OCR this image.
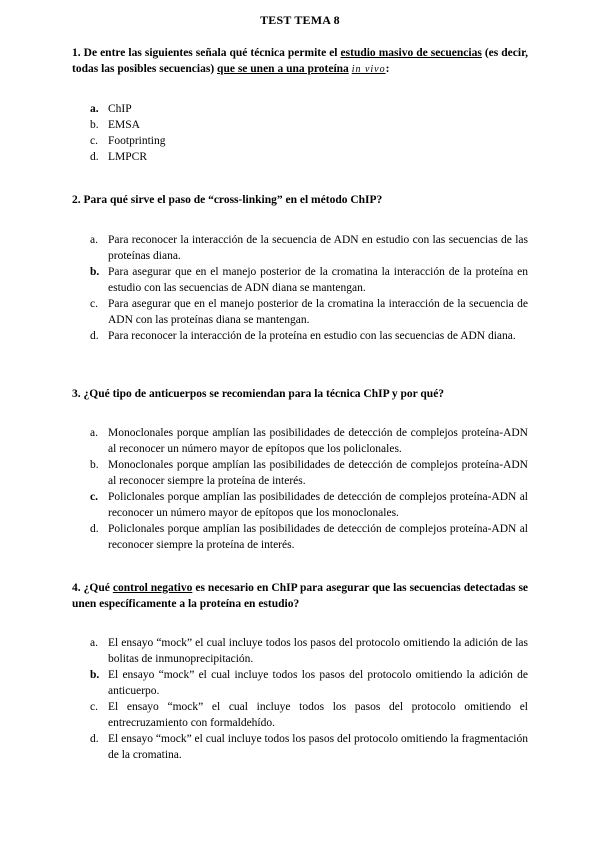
TEST TEMA 8
1. De entre las siguientes señala qué técnica permite el estudio masivo de secuencias (es decir, todas las posibles secuencias) que se unen a una proteína in vivo:
a. ChIP
b. EMSA
c. Footprinting
d. LMPCR
2. Para qué sirve el paso de “cross-linking” en el método ChIP?
a. Para reconocer la interacción de la secuencia de ADN en estudio con las secuencias de las proteínas diana.
b. Para asegurar que en el manejo posterior de la cromatina la interacción de la proteína en estudio con las secuencias de ADN diana se mantengan.
c. Para asegurar que en el manejo posterior de la cromatina la interacción de la secuencia de ADN con las proteínas diana se mantengan.
d. Para reconocer la interacción de la proteína en estudio con las secuencias de ADN diana.
3. ¿Qué tipo de anticuerpos se recomiendan para la técnica ChIP y por qué?
a. Monoclonales porque amplían las posibilidades de detección de complejos proteína-ADN al reconocer un número mayor de epítopos que los policlonales.
b. Monoclonales porque amplían las posibilidades de detección de complejos proteína-ADN al reconocer siempre la proteína de interés.
c. Policlonales porque amplían las posibilidades de detección de complejos proteína-ADN al reconocer un número mayor de epítopos que los monoclonales.
d. Policlonales porque amplían las posibilidades de detección de complejos proteína-ADN al reconocer siempre la proteína de interés.
4. ¿Qué control negativo es necesario en ChIP para asegurar que las secuencias detectadas se unen específicamente a la proteína en estudio?
a. El ensayo “mock” el cual incluye todos los pasos del protocolo omitiendo la adición de las bolitas de inmunoprecipitación.
b. El ensayo “mock” el cual incluye todos los pasos del protocolo omitiendo la adición de anticuerpo.
c. El ensayo “mock” el cual incluye todos los pasos del protocolo omitiendo el entrecruzamiento con formaldehído.
d. El ensayo “mock” el cual incluye todos los pasos del protocolo omitiendo la fragmentación de la cromatina.
